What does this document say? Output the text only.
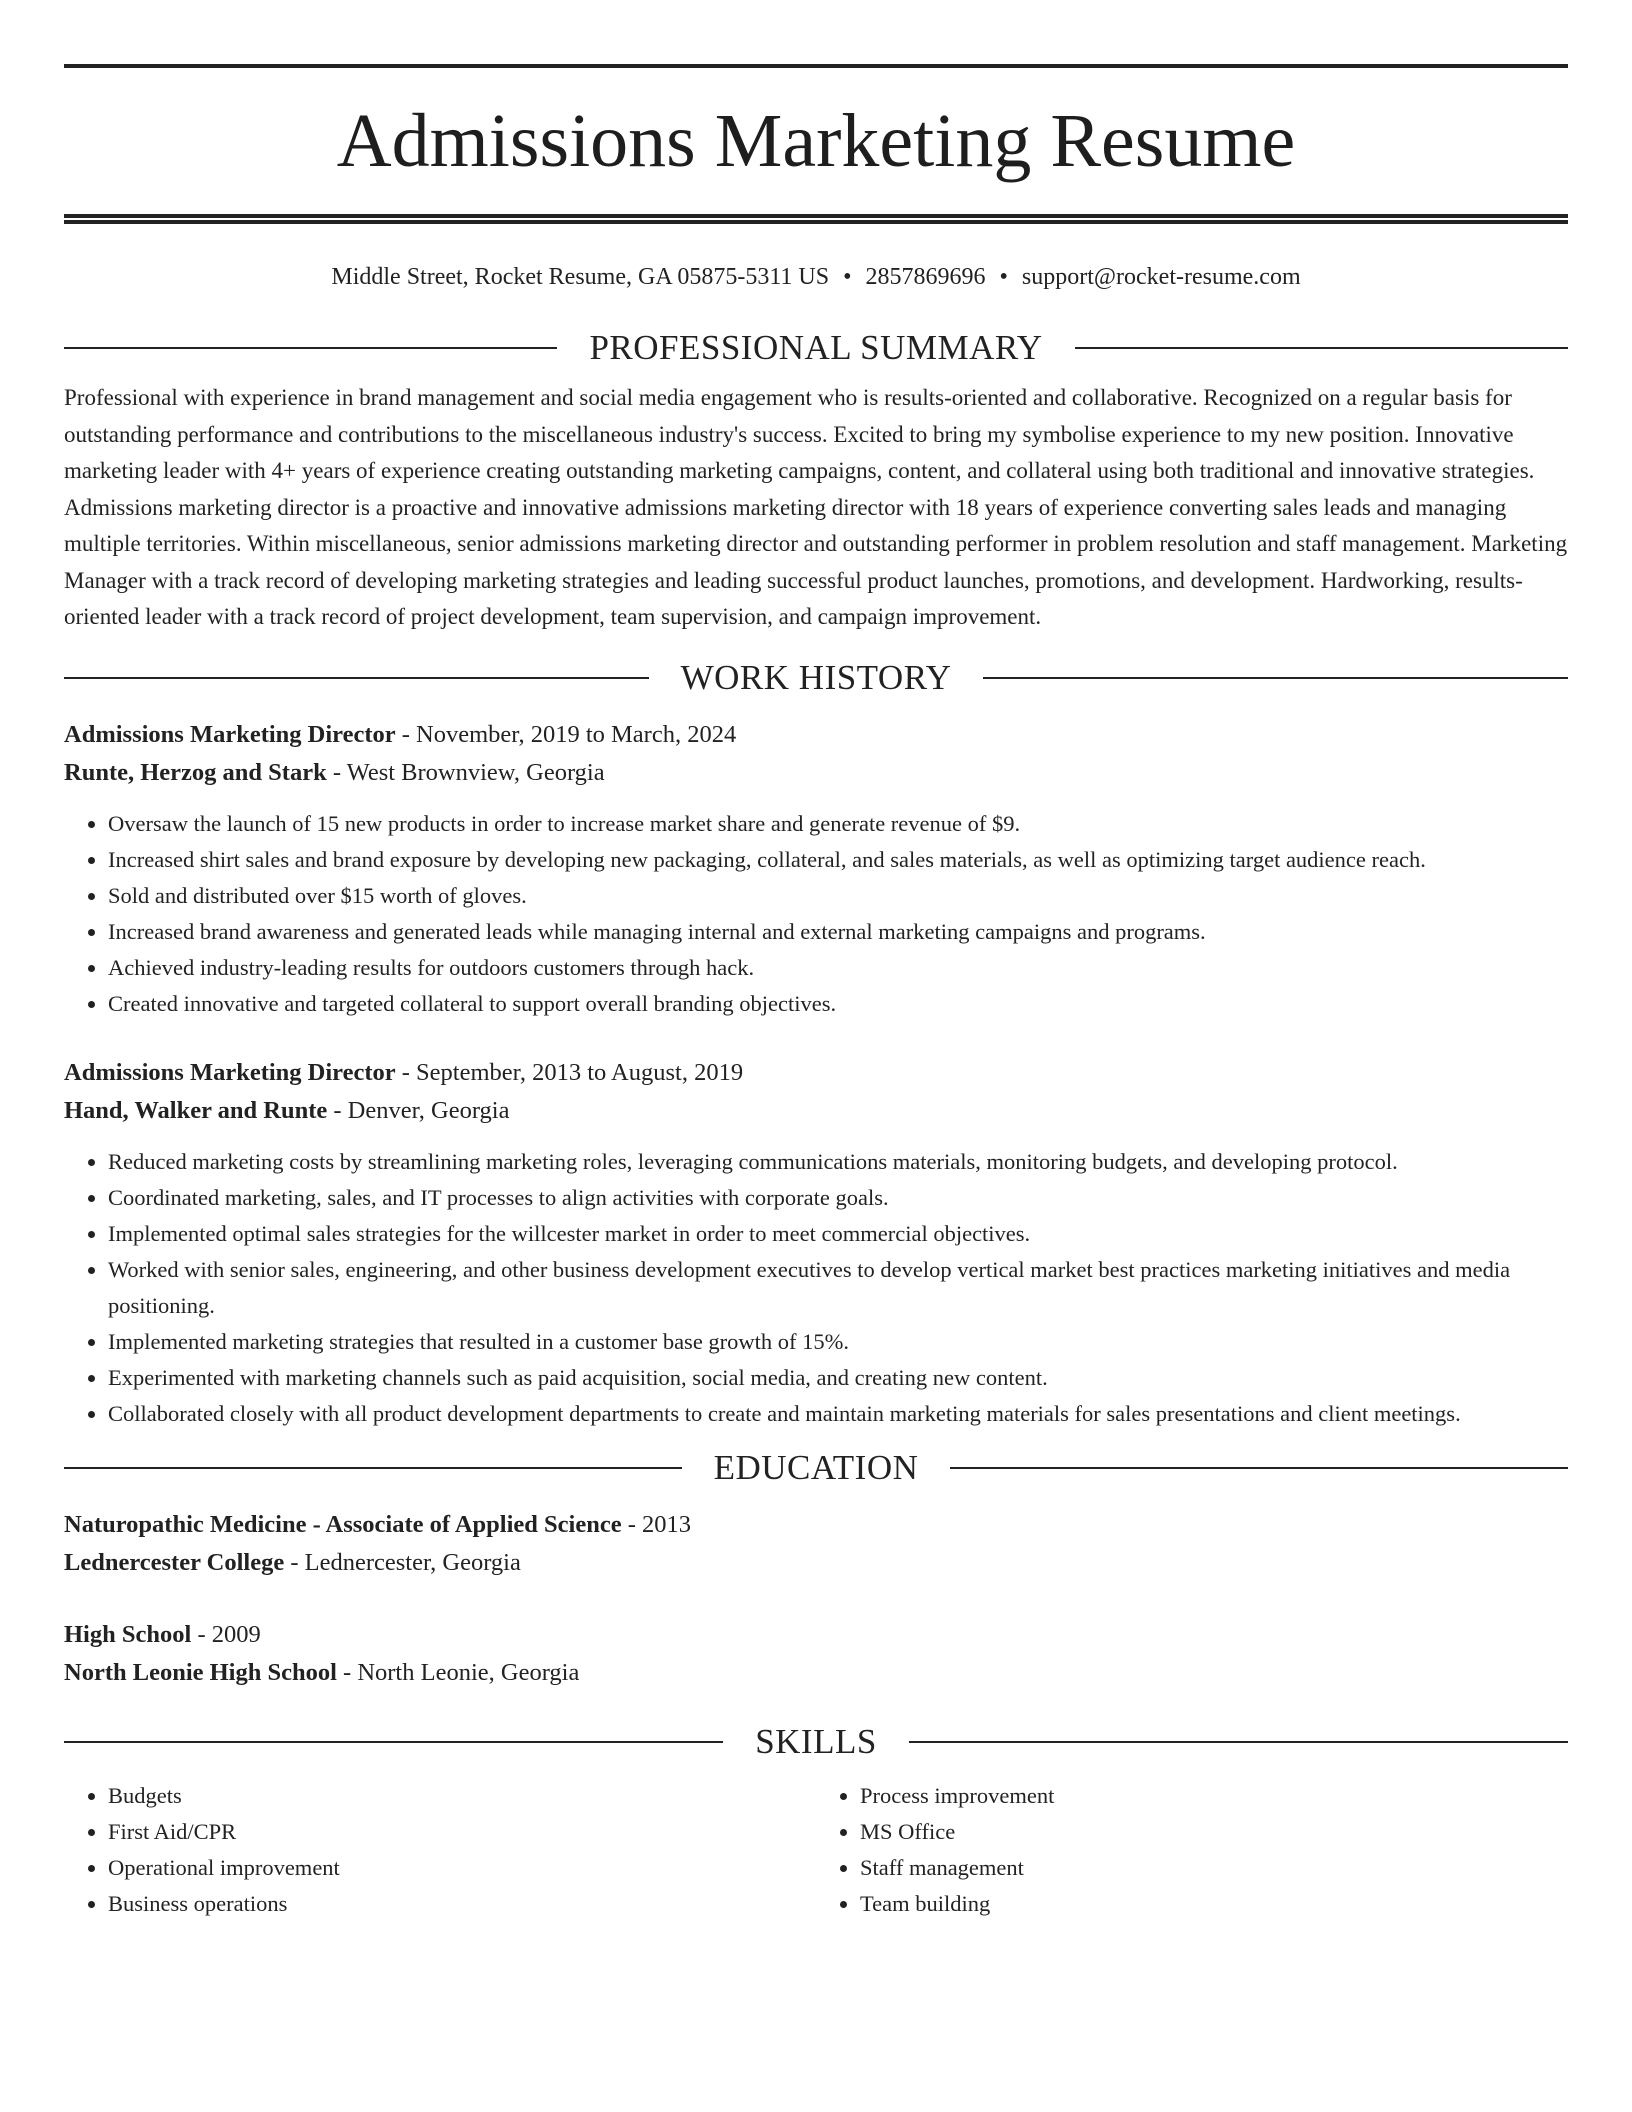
Admissions Marketing Resume
Middle Street, Rocket Resume, GA 05875-5311 US • 2857869696 • support@rocket-resume.com
PROFESSIONAL SUMMARY

Professional with experience in brand management and social media engagement who is results-oriented and collaborative. Recognized on a regular basis for outstanding performance and contributions to the miscellaneous industry's success. Excited to bring my symbolise experience to my new position. Innovative marketing leader with 4+ years of experience creating outstanding marketing campaigns, content, and collateral using both traditional and innovative strategies. Admissions marketing director is a proactive and innovative admissions marketing director with 18 years of experience converting sales leads and managing multiple territories. Within miscellaneous, senior admissions marketing director and outstanding performer in problem resolution and staff management. Marketing Manager with a track record of developing marketing strategies and leading successful product launches, promotions, and development. Hardworking, results-oriented leader with a track record of project development, team supervision, and campaign improvement.

WORK HISTORY
Admissions Marketing Director - November, 2019 to March, 2024
Runte, Herzog and Stark - West Brownview, Georgia
• Oversaw the launch of 15 new products in order to increase market share and generate revenue of $9.
• Increased shirt sales and brand exposure by developing new packaging, collateral, and sales materials, as well as optimizing target audience reach.
• Sold and distributed over $15 worth of gloves.
• Increased brand awareness and generated leads while managing internal and external marketing campaigns and programs.
• Achieved industry-leading results for outdoors customers through hack.
• Created innovative and targeted collateral to support overall branding objectives.
Admissions Marketing Director - September, 2013 to August, 2019
Hand, Walker and Runte - Denver, Georgia
• Reduced marketing costs by streamlining marketing roles, leveraging communications materials, monitoring budgets, and developing protocol.
• Coordinated marketing, sales, and IT processes to align activities with corporate goals.
• Implemented optimal sales strategies for the willcester market in order to meet commercial objectives.
• Worked with senior sales, engineering, and other business development executives to develop vertical market best practices marketing initiatives and media positioning.
• Implemented marketing strategies that resulted in a customer base growth of 15%.
• Experimented with marketing channels such as paid acquisition, social media, and creating new content.
• Collaborated closely with all product development departments to create and maintain marketing materials for sales presentations and client meetings.
EDUCATION
Naturopathic Medicine - Associate of Applied Science - 2013
Lednercester College - Lednercester, Georgia
High School - 2009
North Leonie High School - North Leonie, Georgia
SKILLS
• Budgets
• First Aid/CPR
• Operational improvement
• Business operations
• Process improvement
• MS Office
• Staff management
• Team building
